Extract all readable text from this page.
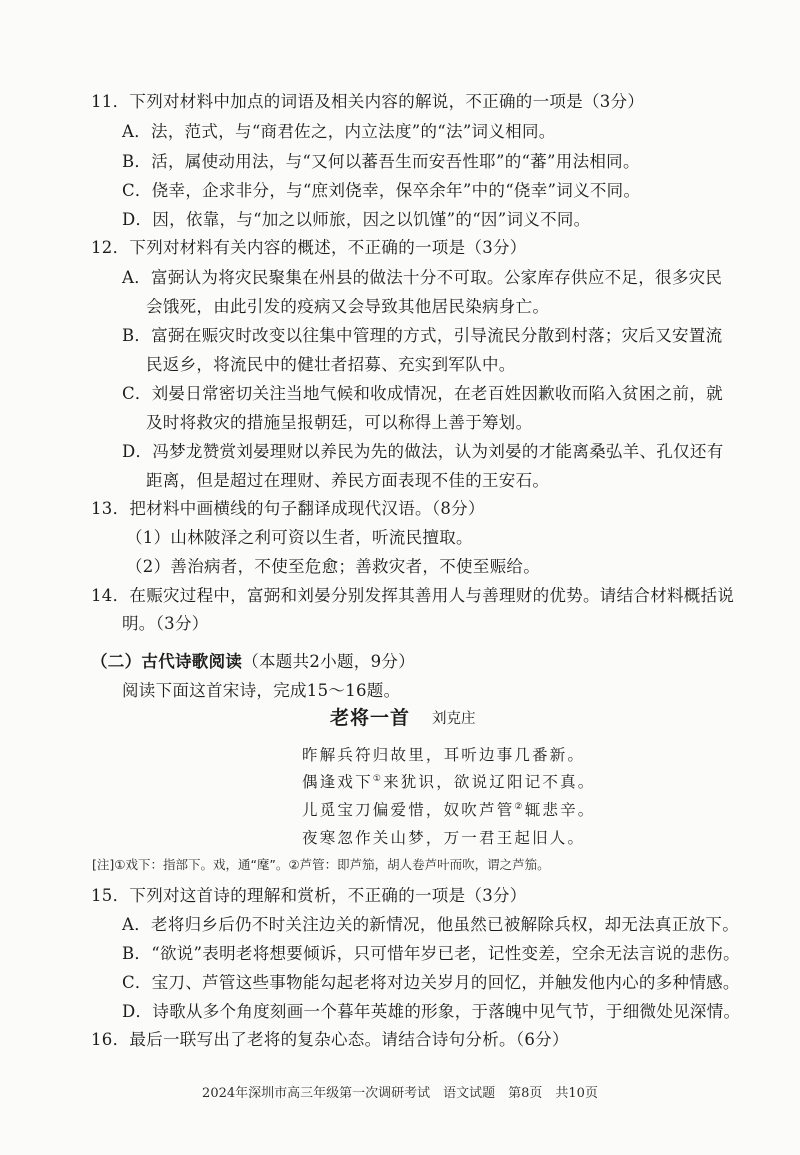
11．下列对材料中加点的词语及相关内容的解说，不正确的一项是（3分）
A．法，范式，与“商君佐之，内立法度”的“法”词义相同。
B．活，属使动用法，与“又何以蕃吾生而安吾性耶”的“蕃”用法相同。
C．侥幸，企求非分，与“庶刘侥幸，保卒余年”中的“侥幸”词义不同。
D．因，依靠，与“加之以师旅，因之以饥馑”的“因”词义不同。
12．下列对材料有关内容的概述，不正确的一项是（3分）
A．富弼认为将灾民聚集在州县的做法十分不可取。公家库存供应不足，很多灾民
会饿死，由此引发的疫病又会导致其他居民染病身亡。
B．富弼在赈灾时改变以往集中管理的方式，引导流民分散到村落；灾后又安置流
民返乡，将流民中的健壮者招募、充实到军队中。
C．刘晏日常密切关注当地气候和收成情况，在老百姓因歉收而陷入贫困之前，就
及时将救灾的措施呈报朝廷，可以称得上善于筹划。
D．冯梦龙赞赏刘晏理财以养民为先的做法，认为刘晏的才能离桑弘羊、孔仅还有
距离，但是超过在理财、养民方面表现不佳的王安石。
13．把材料中画横线的句子翻译成现代汉语。（8分）
（1）山林陂泽之利可资以生者，听流民擅取。
（2）善治病者，不使至危愈；善救灾者，不使至赈给。
14．在赈灾过程中，富弼和刘晏分别发挥其善用人与善理财的优势。请结合材料概括说
明。（3分）
（二）古代诗歌阅读（本题共2小题，9分）
阅读下面这首宋诗，完成15～16题。
老将一首 刘克庄
昨解兵符归故里，耳听边事几番新。
偶逢戏下①来犹识，欲说辽阳记不真。
儿觅宝刀偏爱惜，奴吹芦管②辄悲辛。
夜寒忽作关山梦，万一君王起旧人。
[注]①戏下：指部下。戏，通“麾”。②芦管：即芦笳，胡人卷芦叶而吹，谓之芦笳。
15．下列对这首诗的理解和赏析，不正确的一项是（3分）
A．老将归乡后仍不时关注边关的新情况，他虽然已被解除兵权，却无法真正放下。
B．“欲说”表明老将想要倾诉，只可惜年岁已老，记性变差，空余无法言说的悲伤。
C．宝刀、芦管这些事物能勾起老将对边关岁月的回忆，并触发他内心的多种情感。
D．诗歌从多个角度刻画一个暮年英雄的形象，于落魄中见气节，于细微处见深情。
16．最后一联写出了老将的复杂心态。请结合诗句分析。（6分）
2024年深圳市高三年级第一次调研考试　语文试题　第8页　共10页
